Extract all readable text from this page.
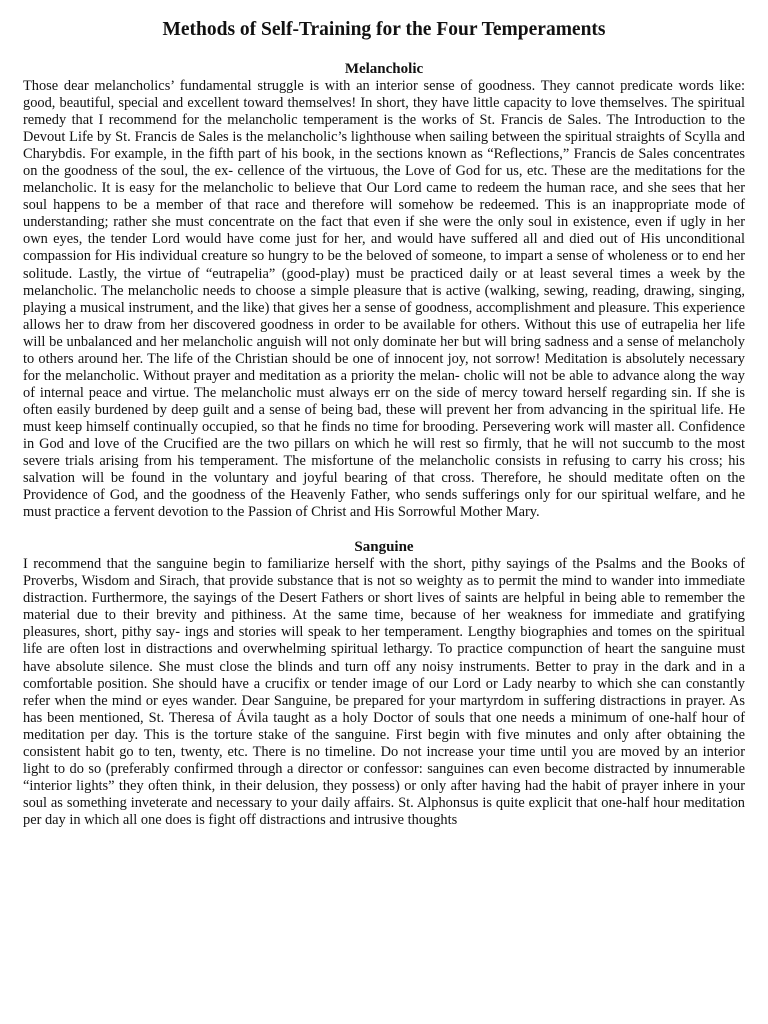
Methods of Self-Training for the Four Temperaments
Melancholic

Those dear melancholics’ fundamental struggle is with an interior sense of goodness. They cannot predicate words like: good, beautiful, special and excellent toward themselves! In short, they have little capacity to love themselves. The spiritual remedy that I recommend for the melancholic temperament is the works of St. Francis de Sales. The Introduction to the Devout Life by St. Francis de Sales is the melancholic’s lighthouse when sailing between the spiritual straights of Scylla and Charybdis. For example, in the fifth part of his book, in the sections known as “Reflections,” Francis de Sales concentrates on the goodness of the soul, the ex- cellence of the virtuous, the Love of God for us, etc. These are the meditations for the melancholic. It is easy for the melancholic to believe that Our Lord came to redeem the human race, and she sees that her soul happens to be a member of that race and therefore will somehow be redeemed. This is an inappropriate mode of understanding; rather she must concentrate on the fact that even if she were the only soul in existence, even if ugly in her own eyes, the tender Lord would have come just for her, and would have suffered all and died out of His unconditional compassion for His individual creature so hungry to be the beloved of someone, to impart a sense of wholeness or to end her solitude. Lastly, the virtue of “eutrapelia” (good-play) must be practiced daily or at least several times a week by the melancholic. The melancholic needs to choose a simple pleasure that is active (walking, sewing, reading, drawing, singing, playing a musical instrument, and the like) that gives her a sense of goodness, accomplishment and pleasure. This experience allows her to draw from her discovered goodness in order to be available for others. Without this use of eutrapelia her life will be unbalanced and her melancholic anguish will not only dominate her but will bring sadness and a sense of melancholy to others around her. The life of the Christian should be one of innocent joy, not sorrow! Meditation is absolutely necessary for the melancholic. Without prayer and meditation as a priority the melan- cholic will not be able to advance along the way of internal peace and virtue. The melancholic must always err on the side of mercy toward herself regarding sin. If she is often easily burdened by deep guilt and a sense of being bad, these will prevent her from advancing in the spiritual life. He must keep himself continually occupied, so that he finds no time for brooding. Persevering work will master all. Confidence in God and love of the Crucified are the two pillars on which he will rest so firmly, that he will not succumb to the most severe trials arising from his temperament. The misfortune of the melancholic consists in refusing to carry his cross; his salvation will be found in the voluntary and joyful bearing of that cross. Therefore, he should meditate often on the Providence of God, and the goodness of the Heavenly Father, who sends sufferings only for our spiritual welfare, and he must practice a fervent devotion to the Passion of Christ and His Sorrowful Mother Mary.

Sanguine

I recommend that the sanguine begin to familiarize herself with the short, pithy sayings of the Psalms and the Books of Proverbs, Wisdom and Sirach, that provide substance that is not so weighty as to permit the mind to wander into immediate distraction. Furthermore, the sayings of the Desert Fathers or short lives of saints are helpful in being able to remember the material due to their brevity and pithiness. At the same time, because of her weakness for immediate and gratifying pleasures, short, pithy say- ings and stories will speak to her temperament. Lengthy biographies and tomes on the spiritual life are often lost in distractions and overwhelming spiritual lethargy. To practice compunction of heart the sanguine must have absolute silence. She must close the blinds and turn off any noisy instruments. Better to pray in the dark and in a comfortable position. She should have a crucifix or tender image of our Lord or Lady nearby to which she can constantly refer when the mind or eyes wander. Dear Sanguine, be prepared for your martyrdom in suffering distractions in prayer. As has been mentioned, St. Theresa of Ávila taught as a holy Doctor of souls that one needs a minimum of one-half hour of meditation per day. This is the torture stake of the sanguine. First begin with five minutes and only after obtaining the consistent habit go to ten, twenty, etc. There is no timeline. Do not increase your time until you are moved by an interior light to do so (preferably confirmed through a director or confessor: sanguines can even become distracted by innumerable “interior lights” they often think, in their delusion, they possess) or only after having had the habit of prayer inhere in your soul as something inveterate and necessary to your daily affairs. St. Alphonsus is quite explicit that one-half hour meditation per day in which all one does is fight off distractions and intrusive thoughts
